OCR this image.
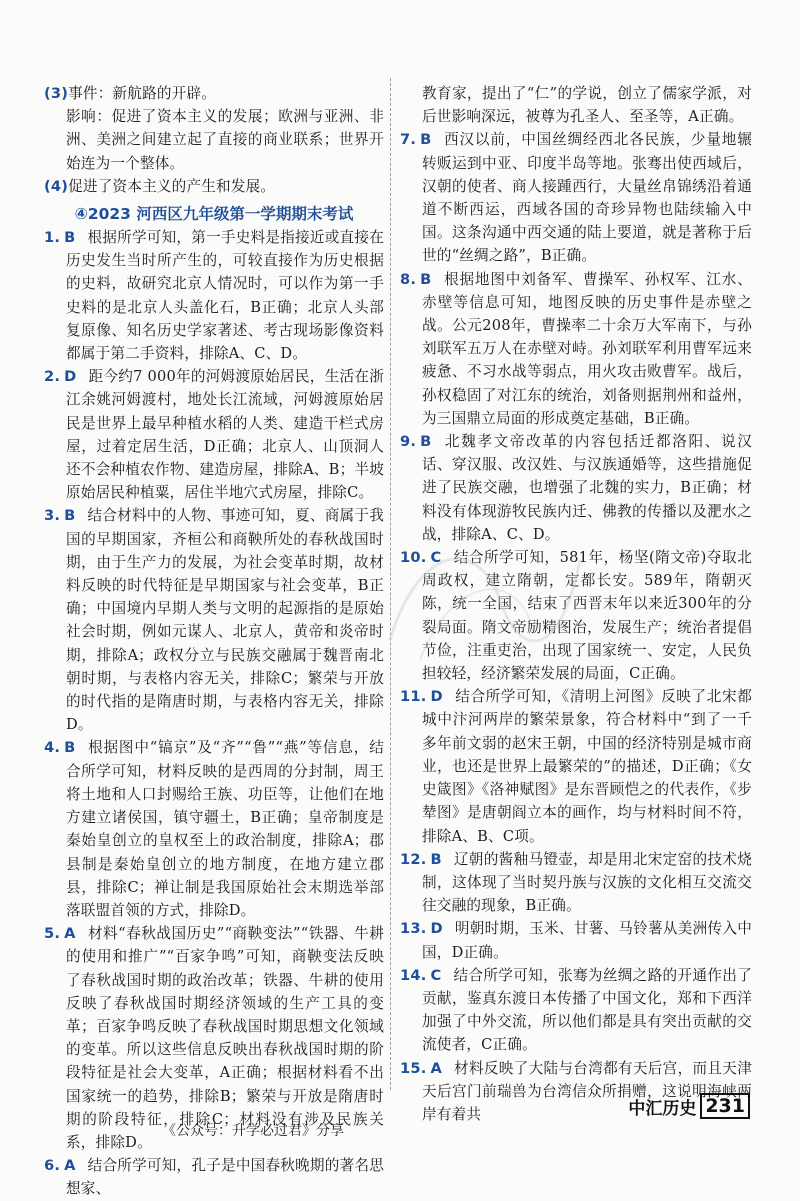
(3)事件：新航路的开辟。

影响：促进了资本主义的发展；欧洲与亚洲、非洲、美洲之间建立起了直接的商业联系；世界开始连为一个整体。

(4)促进了资本主义的产生和发展。

④2023 河西区九年级第一学期期末考试

1. B 根据所学可知，第一手史料是指接近或直接在历史发生当时所产生的，可较直接作为历史根据的史料，故研究北京人情况时，可以作为第一手史料的是北京人头盖化石，B正确；北京人头部复原像、知名历史学家著述、考古现场影像资料都属于第二手资料，排除A、C、D。

2. D 距今约7 000年的河姆渡原始居民，生活在浙江余姚河姆渡村，地处长江流域，河姆渡原始居民是世界上最早种植水稻的人类、建造干栏式房屋，过着定居生活，D正确；北京人、山顶洞人还不会种植农作物、建造房屋，排除A、B；半坡原始居民种植粟，居住半地穴式房屋，排除C。

3. B 结合材料中的人物、事迹可知，夏、商属于我国的早期国家，齐桓公和商鞅所处的春秋战国时期，由于生产力的发展，为社会变革时期，故材料反映的时代特征是早期国家与社会变革，B正确；中国境内早期人类与文明的起源指的是原始社会时期，例如元谋人、北京人，黄帝和炎帝时期，排除A；政权分立与民族交融属于魏晋南北朝时期，与表格内容无关，排除C；繁荣与开放的时代指的是隋唐时期，与表格内容无关，排除D。

4. B 根据图中“镐京”及“齐”“鲁”“燕”等信息，结合所学可知，材料反映的是西周的分封制，周王将土地和人口封赐给王族、功臣等，让他们在地方建立诸侯国，镇守疆土，B正确；皇帝制度是秦始皇创立的皇权至上的政治制度，排除A；郡县制是秦始皇创立的地方制度，在地方建立郡县，排除C；禅让制是我国原始社会末期选举部落联盟首领的方式，排除D。

5. A 材料“春秋战国历史”“商鞅变法”“铁器、牛耕的使用和推广”“百家争鸣”可知，商鞅变法反映了春秋战国时期的政治改革；铁器、牛耕的使用反映了春秋战国时期经济领域的生产工具的变革；百家争鸣反映了春秋战国时期思想文化领域的变革。所以这些信息反映出春秋战国时期的阶段特征是社会大变革，A正确；根据材料看不出国家统一的趋势，排除B；繁荣与开放是隋唐时期的阶段特征，排除C；材料没有涉及民族关系，排除D。

6. A 结合所学可知，孔子是中国春秋晚期的著名思想家、

教育家，提出了“仁”的学说，创立了儒家学派，对后世影响深远，被尊为孔圣人、至圣等，A正确。

7. B 西汉以前，中国丝绸经西北各民族，少量地辗转贩运到中亚、印度半岛等地。张骞出使西域后，汉朝的使者、商人接踵西行，大量丝帛锦绣沿着通道不断西运，西域各国的奇珍异物也陆续输入中国。这条沟通中西交通的陆上要道，就是著称于后世的“丝绸之路”，B正确。

8. B 根据地图中刘备军、曹操军、孙权军、江水、赤壁等信息可知，地图反映的历史事件是赤壁之战。公元208年，曹操率二十余万大军南下，与孙刘联军五万人在赤壁对峙。孙刘联军利用曹军远来疲惫、不习水战等弱点，用火攻击败曹军。战后，孙权稳固了对江东的统治，刘备则据荆州和益州，为三国鼎立局面的形成奠定基础，B正确。

9. B 北魏孝文帝改革的内容包括迁都洛阳、说汉话、穿汉服、改汉姓、与汉族通婚等，这些措施促进了民族交融，也增强了北魏的实力，B正确；材料没有体现游牧民族内迁、佛教的传播以及淝水之战，排除A、C、D。

10. C 结合所学可知，581年，杨坚(隋文帝)夺取北周政权，建立隋朝，定都长安。589年，隋朝灭陈，统一全国，结束了西晋末年以来近300年的分裂局面。隋文帝励精图治，发展生产；统治者提倡节俭，注重吏治，出现了国家统一、安定，人民负担较轻，经济繁荣发展的局面，C正确。

11. D 结合所学可知，《清明上河图》反映了北宋都城中汴河两岸的繁荣景象，符合材料中“到了一千多年前文弱的赵宋王朝，中国的经济特别是城市商业，也还是世界上最繁荣的”的描述，D正确；《女史箴图》《洛神赋图》是东晋顾恺之的代表作，《步辇图》是唐朝阎立本的画作，均与材料时间不符，排除A、B、C项。

12. B 辽朝的酱釉马镫壶，却是用北宋定窑的技术烧制，这体现了当时契丹族与汉族的文化相互交流交往交融的现象，B正确。

13. D 明朝时期，玉米、甘薯、马铃薯从美洲传入中国，D正确。

14. C 结合所学可知，张骞为丝绸之路的开通作出了贡献，鉴真东渡日本传播了中国文化，郑和下西洋加强了中外交流，所以他们都是具有突出贡献的交流使者，C正确。

15. A 材料反映了大陆与台湾都有天后宫，而且天津天后宫门前瑞兽为台湾信众所捐赠，这说明海峡两岸有着共	中汇历史 231
《公众号：升学必过君》分享
